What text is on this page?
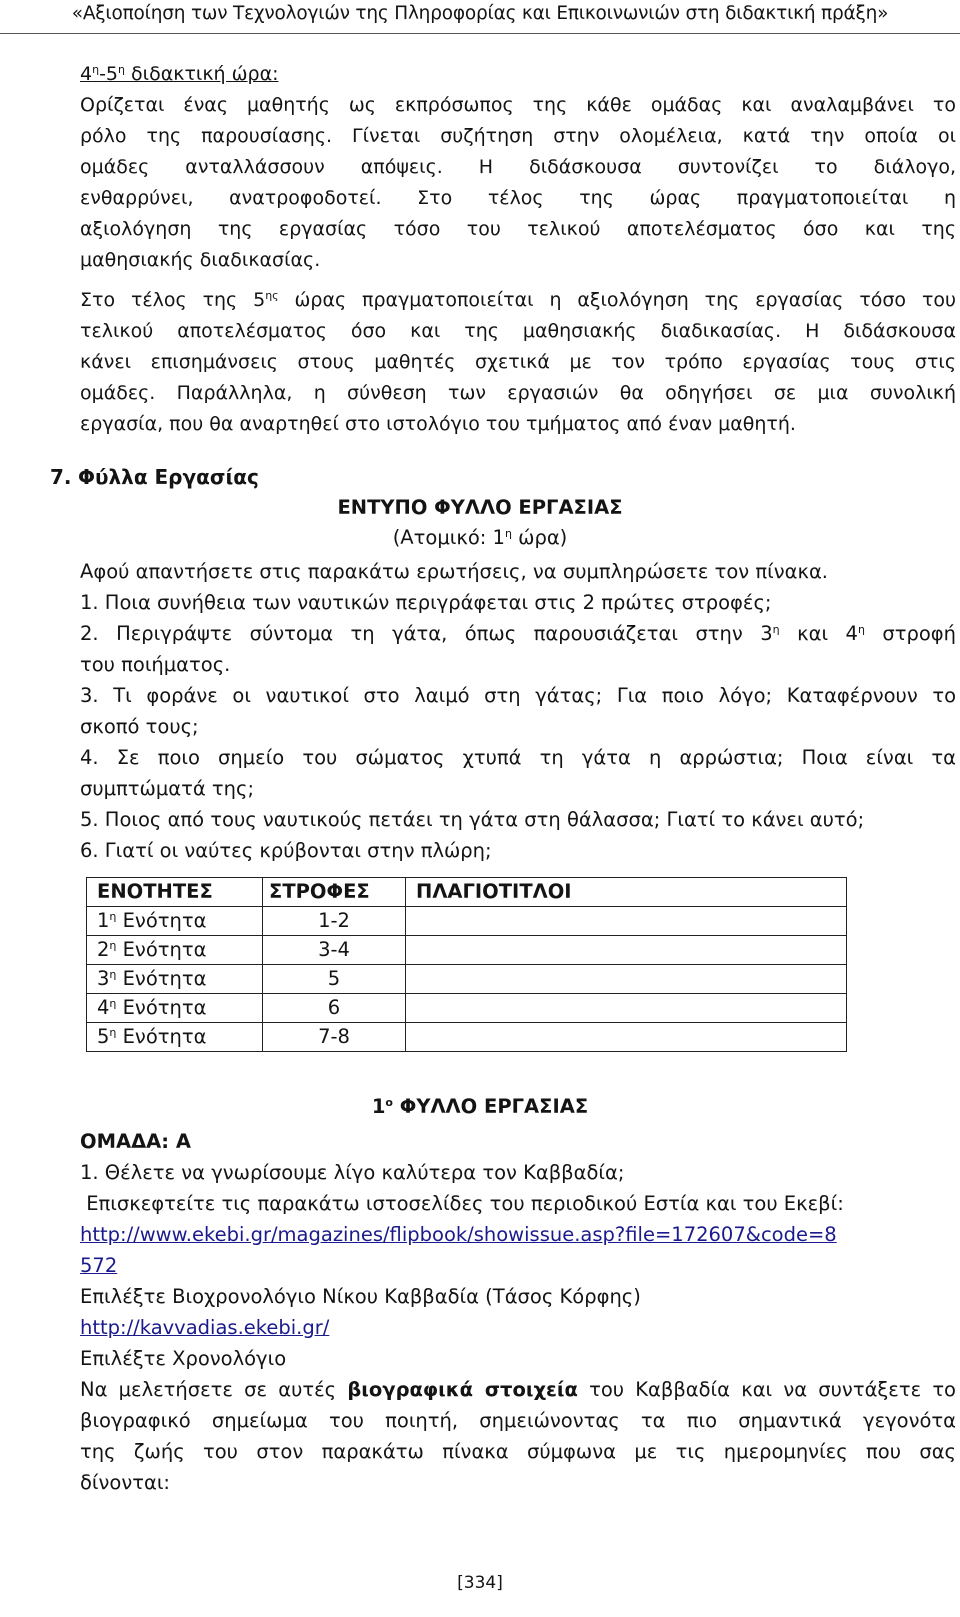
«Αξιοποίηση των Τεχνολογιών της Πληροφορίας και Επικοινωνιών στη διδακτική πράξη»
$4^\eta-5^\eta$ διδακτική ώρα:
Ορίζεται ένας μαθητής ως εκπρόσωπος της κάθε ομάδας και αναλαμβάνει το
ρόλο της παρουσίασης. Γίνεται συζήτηση στην ολομέλεια, κατά την οποία οι
ομάδες ανταλλάσσουν απόψεις. Η διδάσκουσα συντονίζει το διάλογο,
ενθαρρύνει, ανατροφοδοτεί. Στο τέλος της ώρας πραγματοποιείται η
αξιολόγηση της εργασίας τόσο του τελικού αποτελέσματος όσο και της
μαθησιακής διαδικασίας.
Στο τέλος της $5^{\eta\varsigma}$ ώρας πραγματοποιείται η αξιολόγηση της εργασίας τόσο του
τελικού αποτελέσματος όσο και της μαθησιακής διαδικασίας. Η διδάσκουσα
κάνει επισημάνσεις στους μαθητές σχετικά με τον τρόπο εργασίας τους στις
ομάδες. Παράλληλα, η σύνθεση των εργασιών θα οδηγήσει σε μια συνολική
εργασία, που θα αναρτηθεί στο ιστολόγιο του τμήματος από έναν μαθητή.
7. Φύλλα Εργασίας
ΕΝΤΥΠΟ ΦΥΛΛΟ ΕΡΓΑΣΙΑΣ
(Ατομικό: $1^\eta$ ώρα)
Αφού απαντήσετε στις παρακάτω ερωτήσεις, να συμπληρώσετε τον πίνακα.
1. Ποια συνήθεια των ναυτικών περιγράφεται στις 2 πρώτες στροφές;
2. Περιγράψτε σύντομα τη γάτα, όπως παρουσιάζεται στην $3^\eta$ και $4^\eta$ στροφή
του ποιήματος.
3. Τι φοράνε οι ναυτικοί στο λαιμό στη γάτας; Για ποιο λόγο; Καταφέρνουν το
σκοπό τους;
4. Σε ποιο σημείο του σώματος χτυπά τη γάτα η αρρώστια; Ποια είναι τα
συμπτώματά της;
5. Ποιος από τους ναυτικούς πετάει τη γάτα στη θάλασσα; Γιατί το κάνει αυτό;
6. Γιατί οι ναύτες κρύβονται στην πλώρη;
ΕΝΟΤΗΤΕΣ	ΣΤΡΟΦΕΣ	ΠΛΑΓΙΟΤΙΤΛΟΙ
$1^\eta$ Ενότητα	1-2	
$2^\eta$ Ενότητα	3-4	
$3^\eta$ Ενότητα	5	
$4^\eta$ Ενότητα	6	
$5^\eta$ Ενότητα	7-8	
$1^o$ ΦΥΛΛΟ ΕΡΓΑΣΙΑΣ
ΟΜΑΔΑ: Α
1. Θέλετε να γνωρίσουμε λίγο καλύτερα τον Καββαδία;
Επισκεφτείτε τις παρακάτω ιστοσελίδες του περιοδικού Εστία και του Εκεβί:
http://www.ekebi.gr/magazines/flipbook/showissue.asp?file=172607&code=8
572
Επιλέξτε Βιοχρονολόγιο Νίκου Καββαδία (Τάσος Κόρφης)
http://kavvadias.ekebi.gr/
Επιλέξτε Χρονολόγιο
Να μελετήσετε σε αυτές βιογραφικά στοιχεία του Καββαδία και να συντάξετε το
βιογραφικό σημείωμα του ποιητή, σημειώνοντας τα πιο σημαντικά γεγονότα
της ζωής του στον παρακάτω πίνακα σύμφωνα με τις ημερομηνίες που σας
δίνονται:
[334]
